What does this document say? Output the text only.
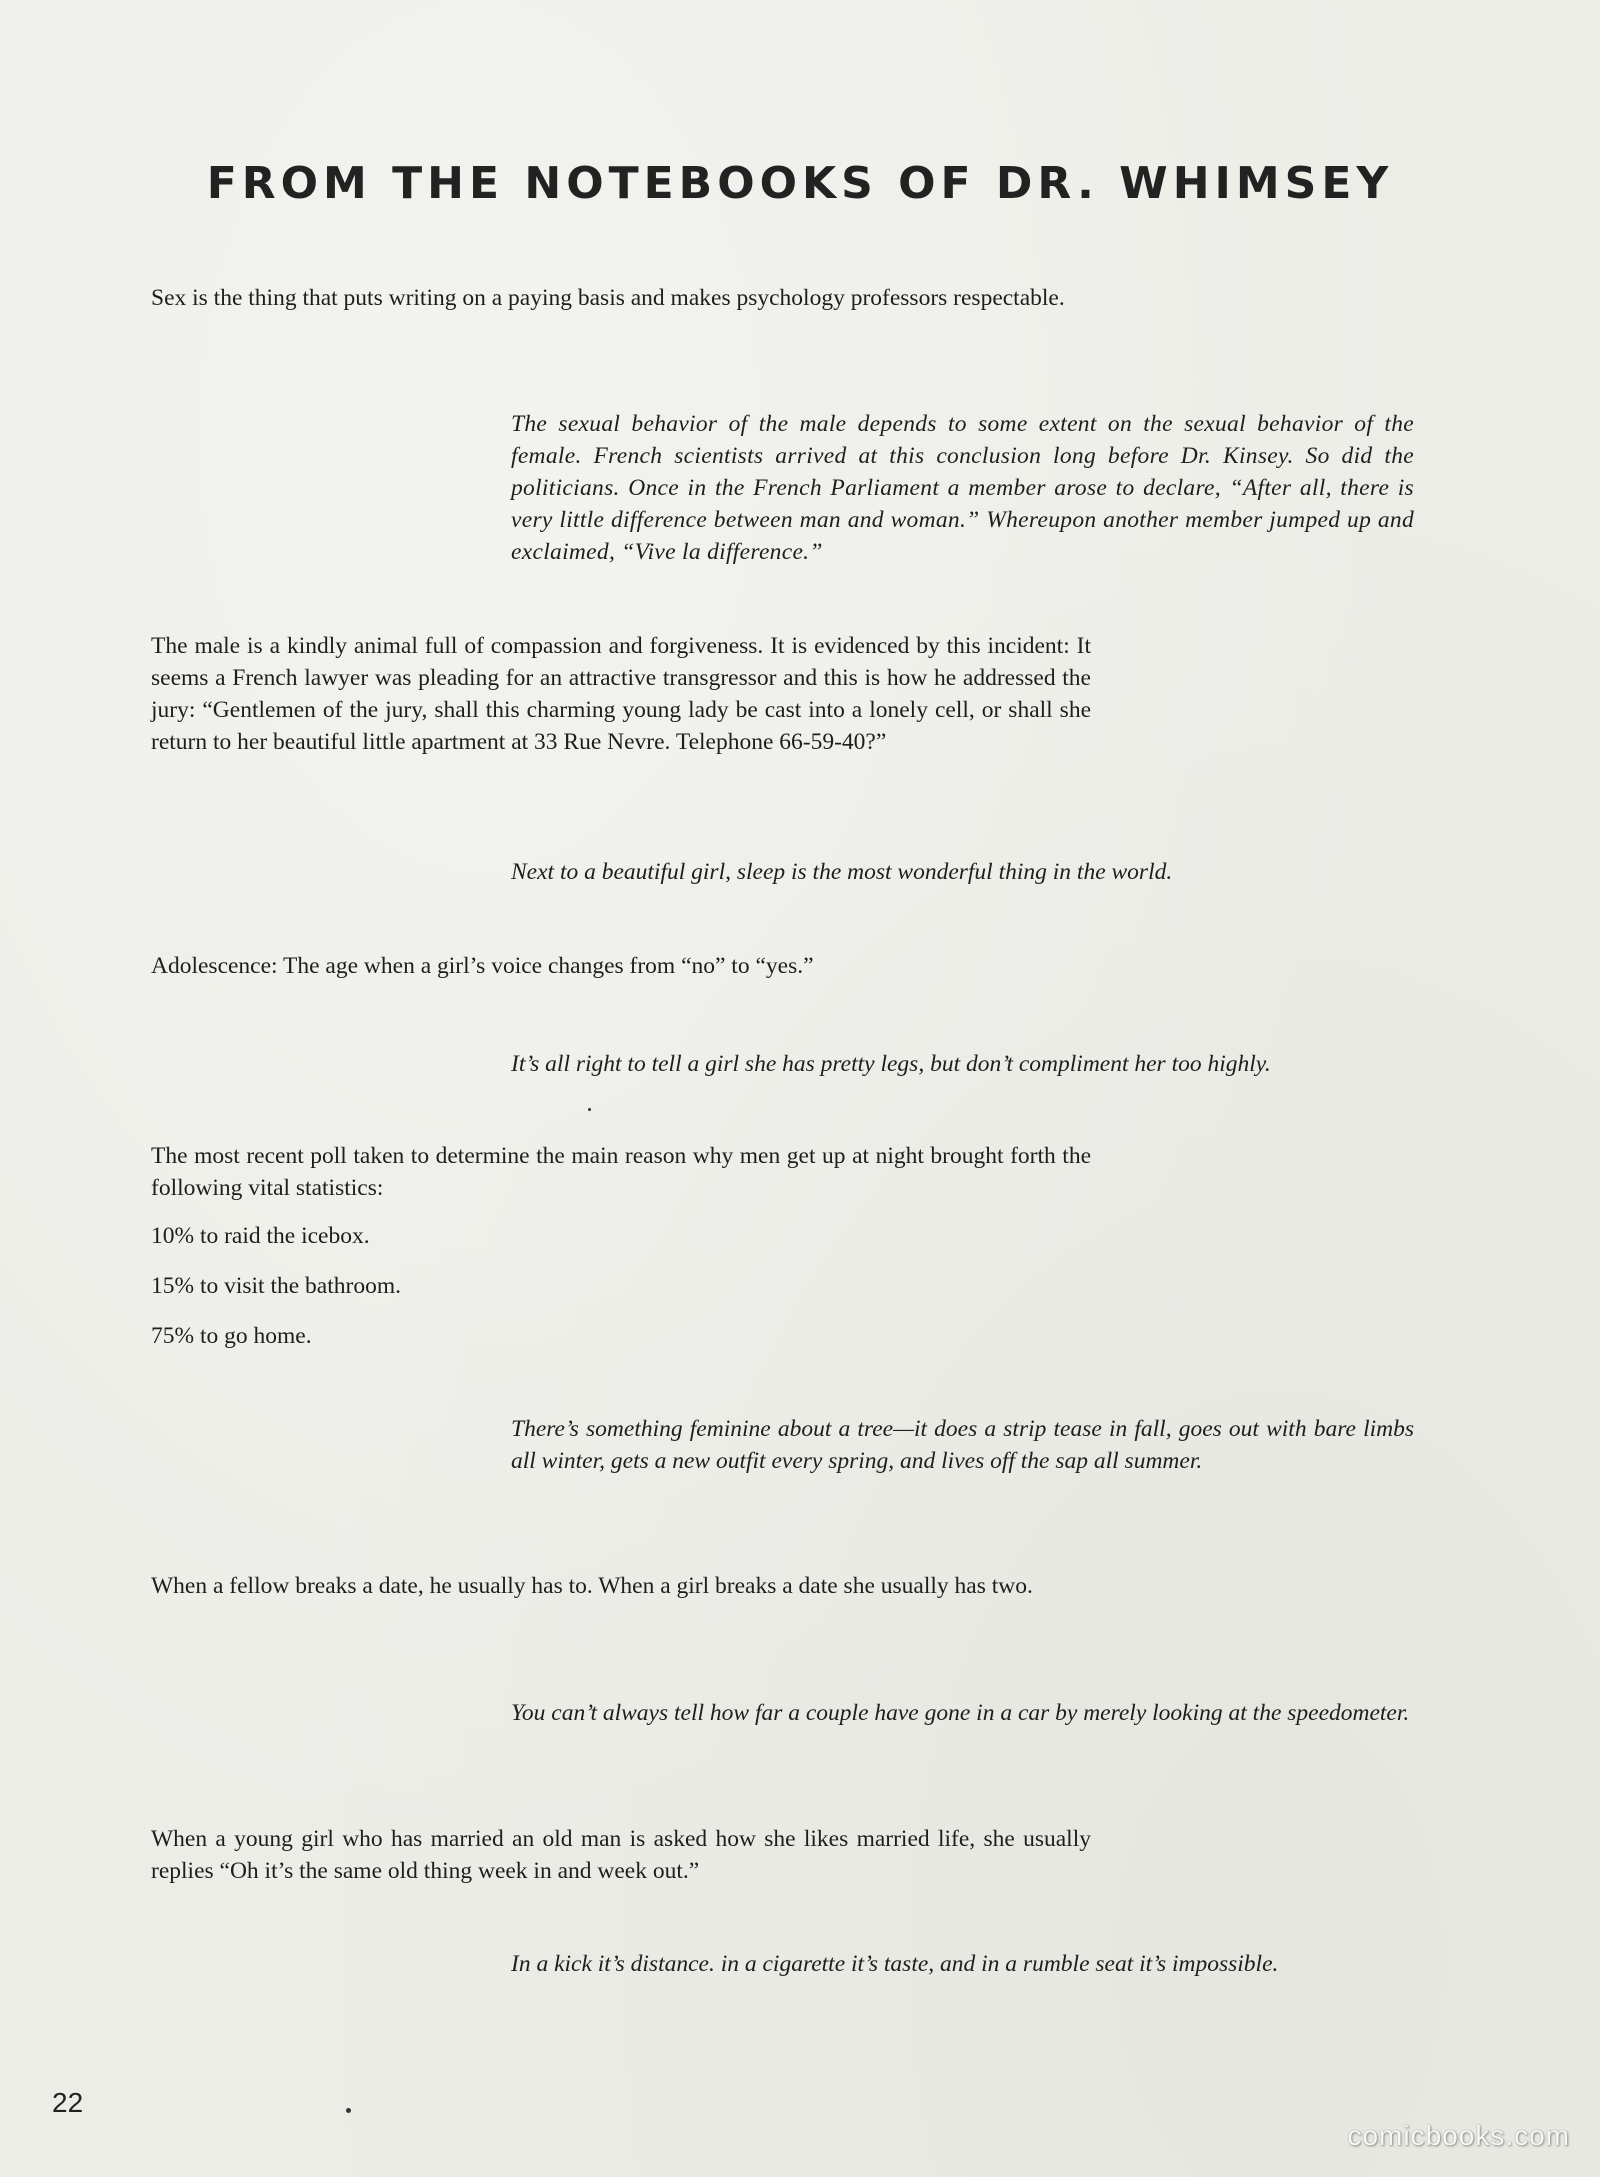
FROM THE NOTEBOOKS OF DR. WHIMSEY

Sex is the thing that puts writing on a paying basis and makes psychology professors respectable.

The sexual behavior of the male depends to some extent on the sexual behavior of the female. French scientists arrived at this conclusion long before Dr. Kinsey. So did the politicians. Once in the French Parliament a member arose to declare, “After all, there is very little difference between man and woman.” Whereupon another member jumped up and exclaimed, “Vive la difference.”

The male is a kindly animal full of compassion and forgiveness. It is evidenced by this incident: It seems a French lawyer was pleading for an attractive transgressor and this is how he addressed the jury: “Gentlemen of the jury, shall this charming young lady be cast into a lonely cell, or shall she return to her beautiful little apartment at 33 Rue Nevre. Telephone 66-59-40?”

Next to a beautiful girl, sleep is the most wonderful thing in the world.

Adolescence: The age when a girl’s voice changes from “no” to “yes.”

It’s all right to tell a girl she has pretty legs, but don’t compliment her too highly.

The most recent poll taken to determine the main reason why men get up at night brought forth the following vital statistics:

10% to raid the icebox.
15% to visit the bathroom.
75% to go home.

There’s something feminine about a tree—it does a strip tease in fall, goes out with bare limbs all winter, gets a new outfit every spring, and lives off the sap all summer.

When a fellow breaks a date, he usually has to. When a girl breaks a date she usually has two.

You can’t always tell how far a couple have gone in a car by merely looking at the speedometer.

When a young girl who has married an old man is asked how she likes married life, she usually replies “Oh it’s the same old thing week in and week out.”

In a kick it’s distance. in a cigarette it’s taste, and in a rumble seat it’s impossible.

22
comicbooks.com
